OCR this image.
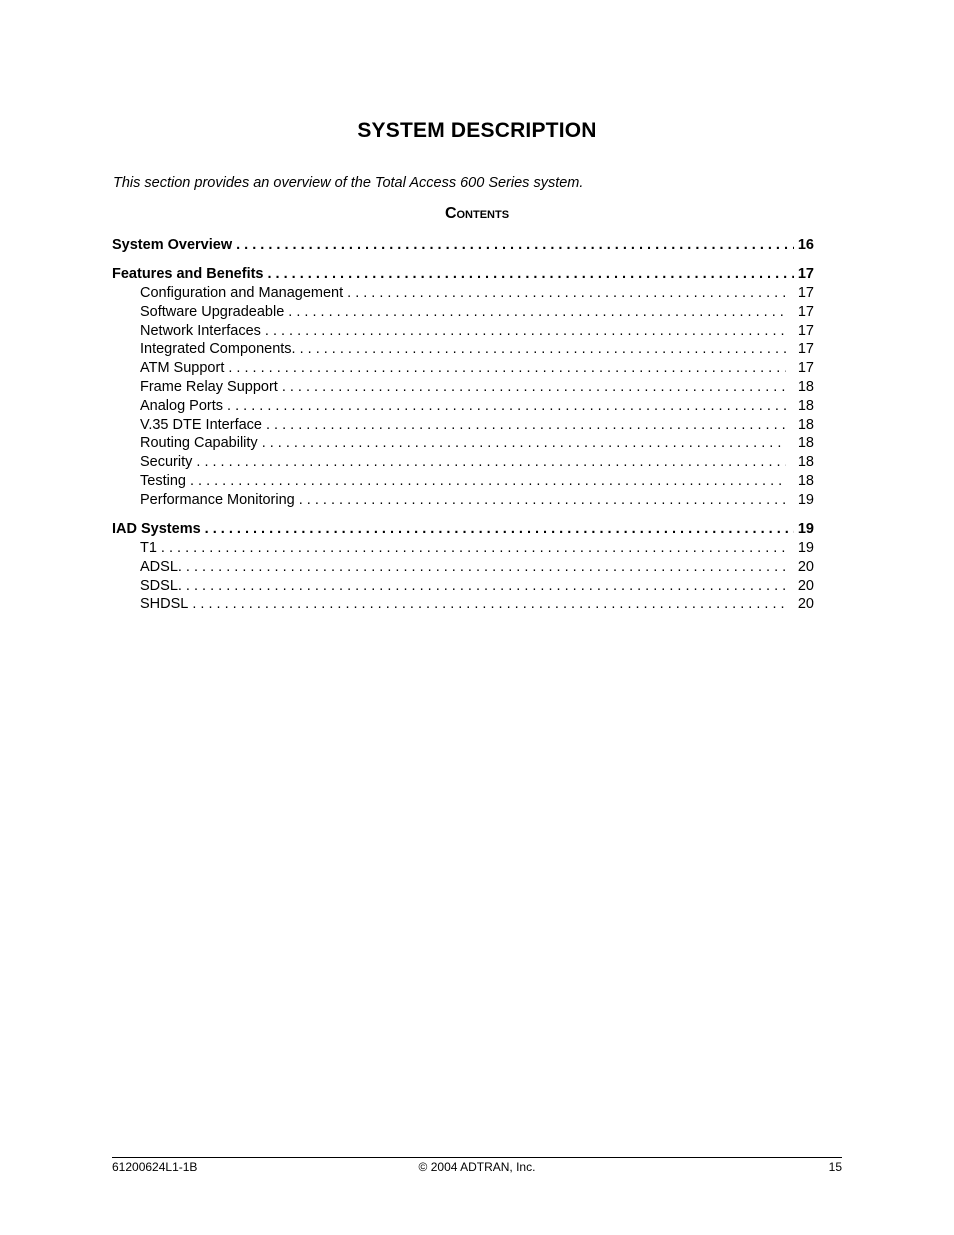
SYSTEM DESCRIPTION
This section provides an overview of the Total Access 600 Series system.
Contents
System Overview . . .	16
Features and Benefits . . .	17
Configuration and Management . . .	17
Software Upgradeable . . .	17
Network Interfaces . . .	17
Integrated Components. . . .	17
ATM Support . . .	17
Frame Relay Support . . .	18
Analog Ports . . .	18
V.35 DTE Interface . . .	18
Routing Capability . . .	18
Security . . .	18
Testing . . .	18
Performance Monitoring . . .	19
IAD Systems . . .	19
T1 . . .	19
ADSL. . . .	20
SDSL. . . .	20
SHDSL . . .	20
61200624L1-1B	© 2004 ADTRAN, Inc.	15
